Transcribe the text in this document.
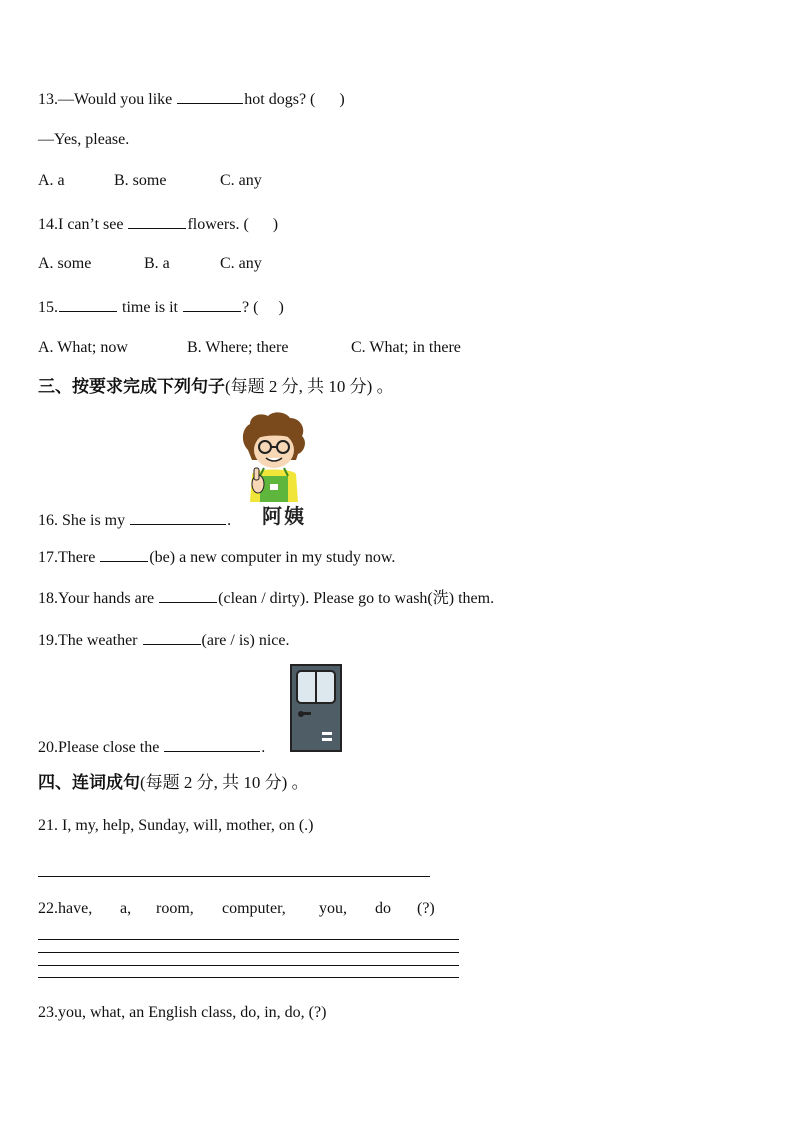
13.—Would you like	hot dogs? ( )
—Yes, please.
A. a	B. some	C. any
14.I can’t see	flowers. ( )
A. some	B. a	C. any
15.	time is it	? ( )
A. What; now	B. Where; there	C. What; in there
三、按要求完成下列句子(每题 2 分, 共 10 分) 。
阿姨
16. She is my	.
17.There	(be) a new computer in my study now.
18.Your hands are	(clean / dirty). Please go to wash(洗) them.
19.The weather	(are / is) nice.
20.Please close the	.
四、连词成句(每题 2 分, 共 10 分) 。
21. I, my, help, Sunday, will, mother, on (.)
22.have, a, room, computer, you, do (?)
23.you, what, an English class, do, in, do, (?)
